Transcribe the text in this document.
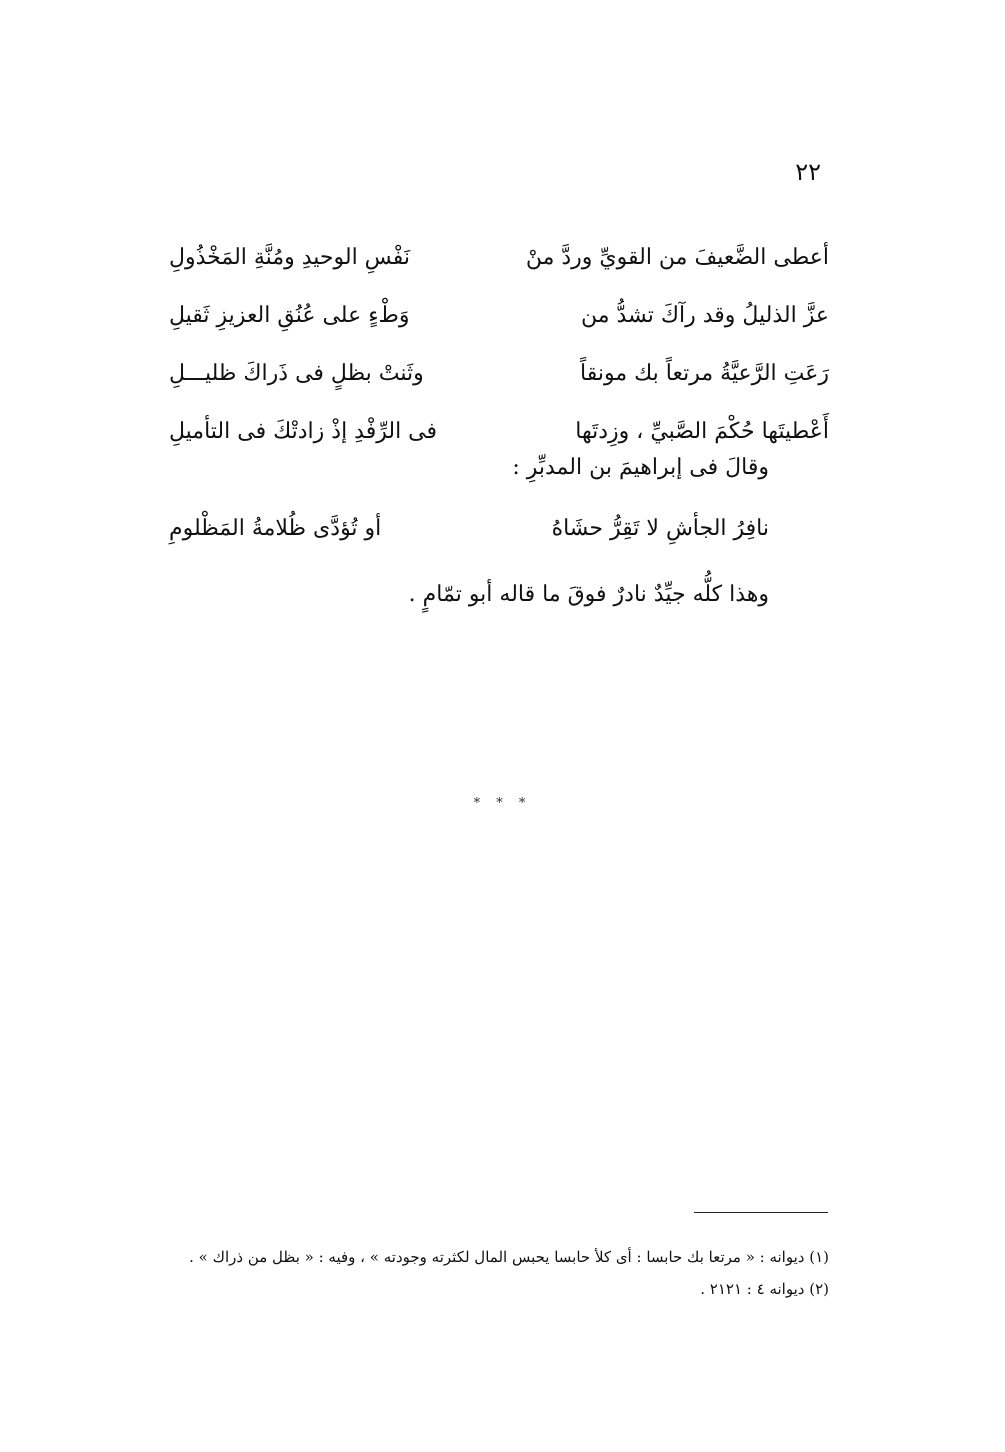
٢٢
أعطى الضَّعيفَ من القويِّ وردَّ منْ
نَفْسِ الوحيدِ ومُنَّةِ المَخْذُولِ
عزَّ الذليلُ وقد رآكَ تشدُّ من
وَطْءٍ على عُنُقِ العزيزِ ثَقيلِ
رَعَتِ الرَّعيَّةُ مرتعاً بك مونقاً
وثَنتْ بظلٍ فى ذَراكَ ظليـــلِ
أَعْطيتَها حُكْمَ الصَّبيِّ ، وزِدتَها
فى الرِّفْدِ إذْ زادتْكَ فى التأميلِ
وقالَ فى إبراهيمَ بن المدبِّرِ :
نافِرُ الجأشِ لا تَقِرُّ حشَاهُ
أو تُؤدَّى ظُلامةُ المَظْلومِ
وهذا كلُّه جيِّدٌ نادرٌ فوقَ ما قاله أبو تمّامٍ .
* * *

(١) ديوانه : « مرتعا بك حابسا : أى كلأ حابسا يحبس المال لكثرته وجودته » ، وفيه : « بظل من ذراك » .

(٢) ديوانه ٤ : ٢١٢١ .
